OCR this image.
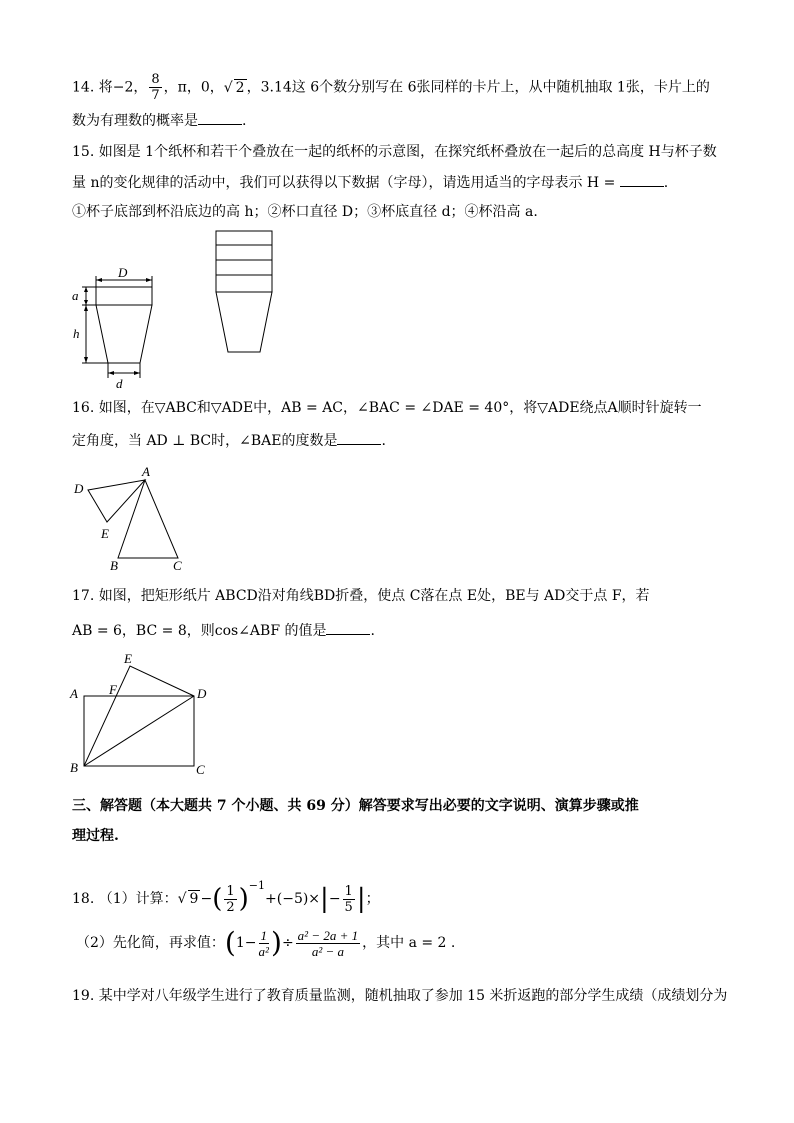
14. 将−2， $\frac{8}{7}$ ，π，0，√ 2 ，3.14这 6个数分别写在 6张同样的卡片上，从中随机抽取 1张，卡片上的
数为有理数的概率是	.
15. 如图是 1个纸杯和若干个叠放在一起的纸杯的示意图，在探究纸杯叠放在一起后的总高度 H与杯子数
量 n的变化规律的活动中，我们可以获得以下数据（字母），请选用适当的字母表示 H =	.
①杯子底部到杯沿底边的高 h；②杯口直径 D；③杯底直径 d；④杯沿高 a.
D
a
h
d
16. 如图，在▽ABC和▽ADE中，AB = AC，∠BAC = ∠DAE = 40°，将▽ADE绕点A顺时针旋转一
定角度，当 AD ⊥ BC时，∠BAE的度数是	.
A
D
E
B	C
17. 如图，把矩形纸片 ABCD沿对角线BD折叠，使点 C落在点 E处，BE与 AD交于点 F，若
AB = 6，BC = 8，则cos∠ABF 的值是	.
E
A F	D
B	C
三、解答题（本大题共 7 个小题、共 69 分）解答要求写出必要的文字说明、演算步骤或推
理过程.
18. （1）计算：√ 9 −( $\frac{1}{2} )^{-1}+(-5)\times|- \frac{1}{5}$ |；
（2）先化简，再求值：($1- \frac{1}{\text{a²}}$ )÷ $\frac{\text{a² − 2a + 1}}{\text{a² − a}}$ ，其中 a = 2 .
19. 某中学对八年级学生进行了教育质量监测，随机抽取了参加 15 米折返跑的部分学生成绩（成绩划分为
